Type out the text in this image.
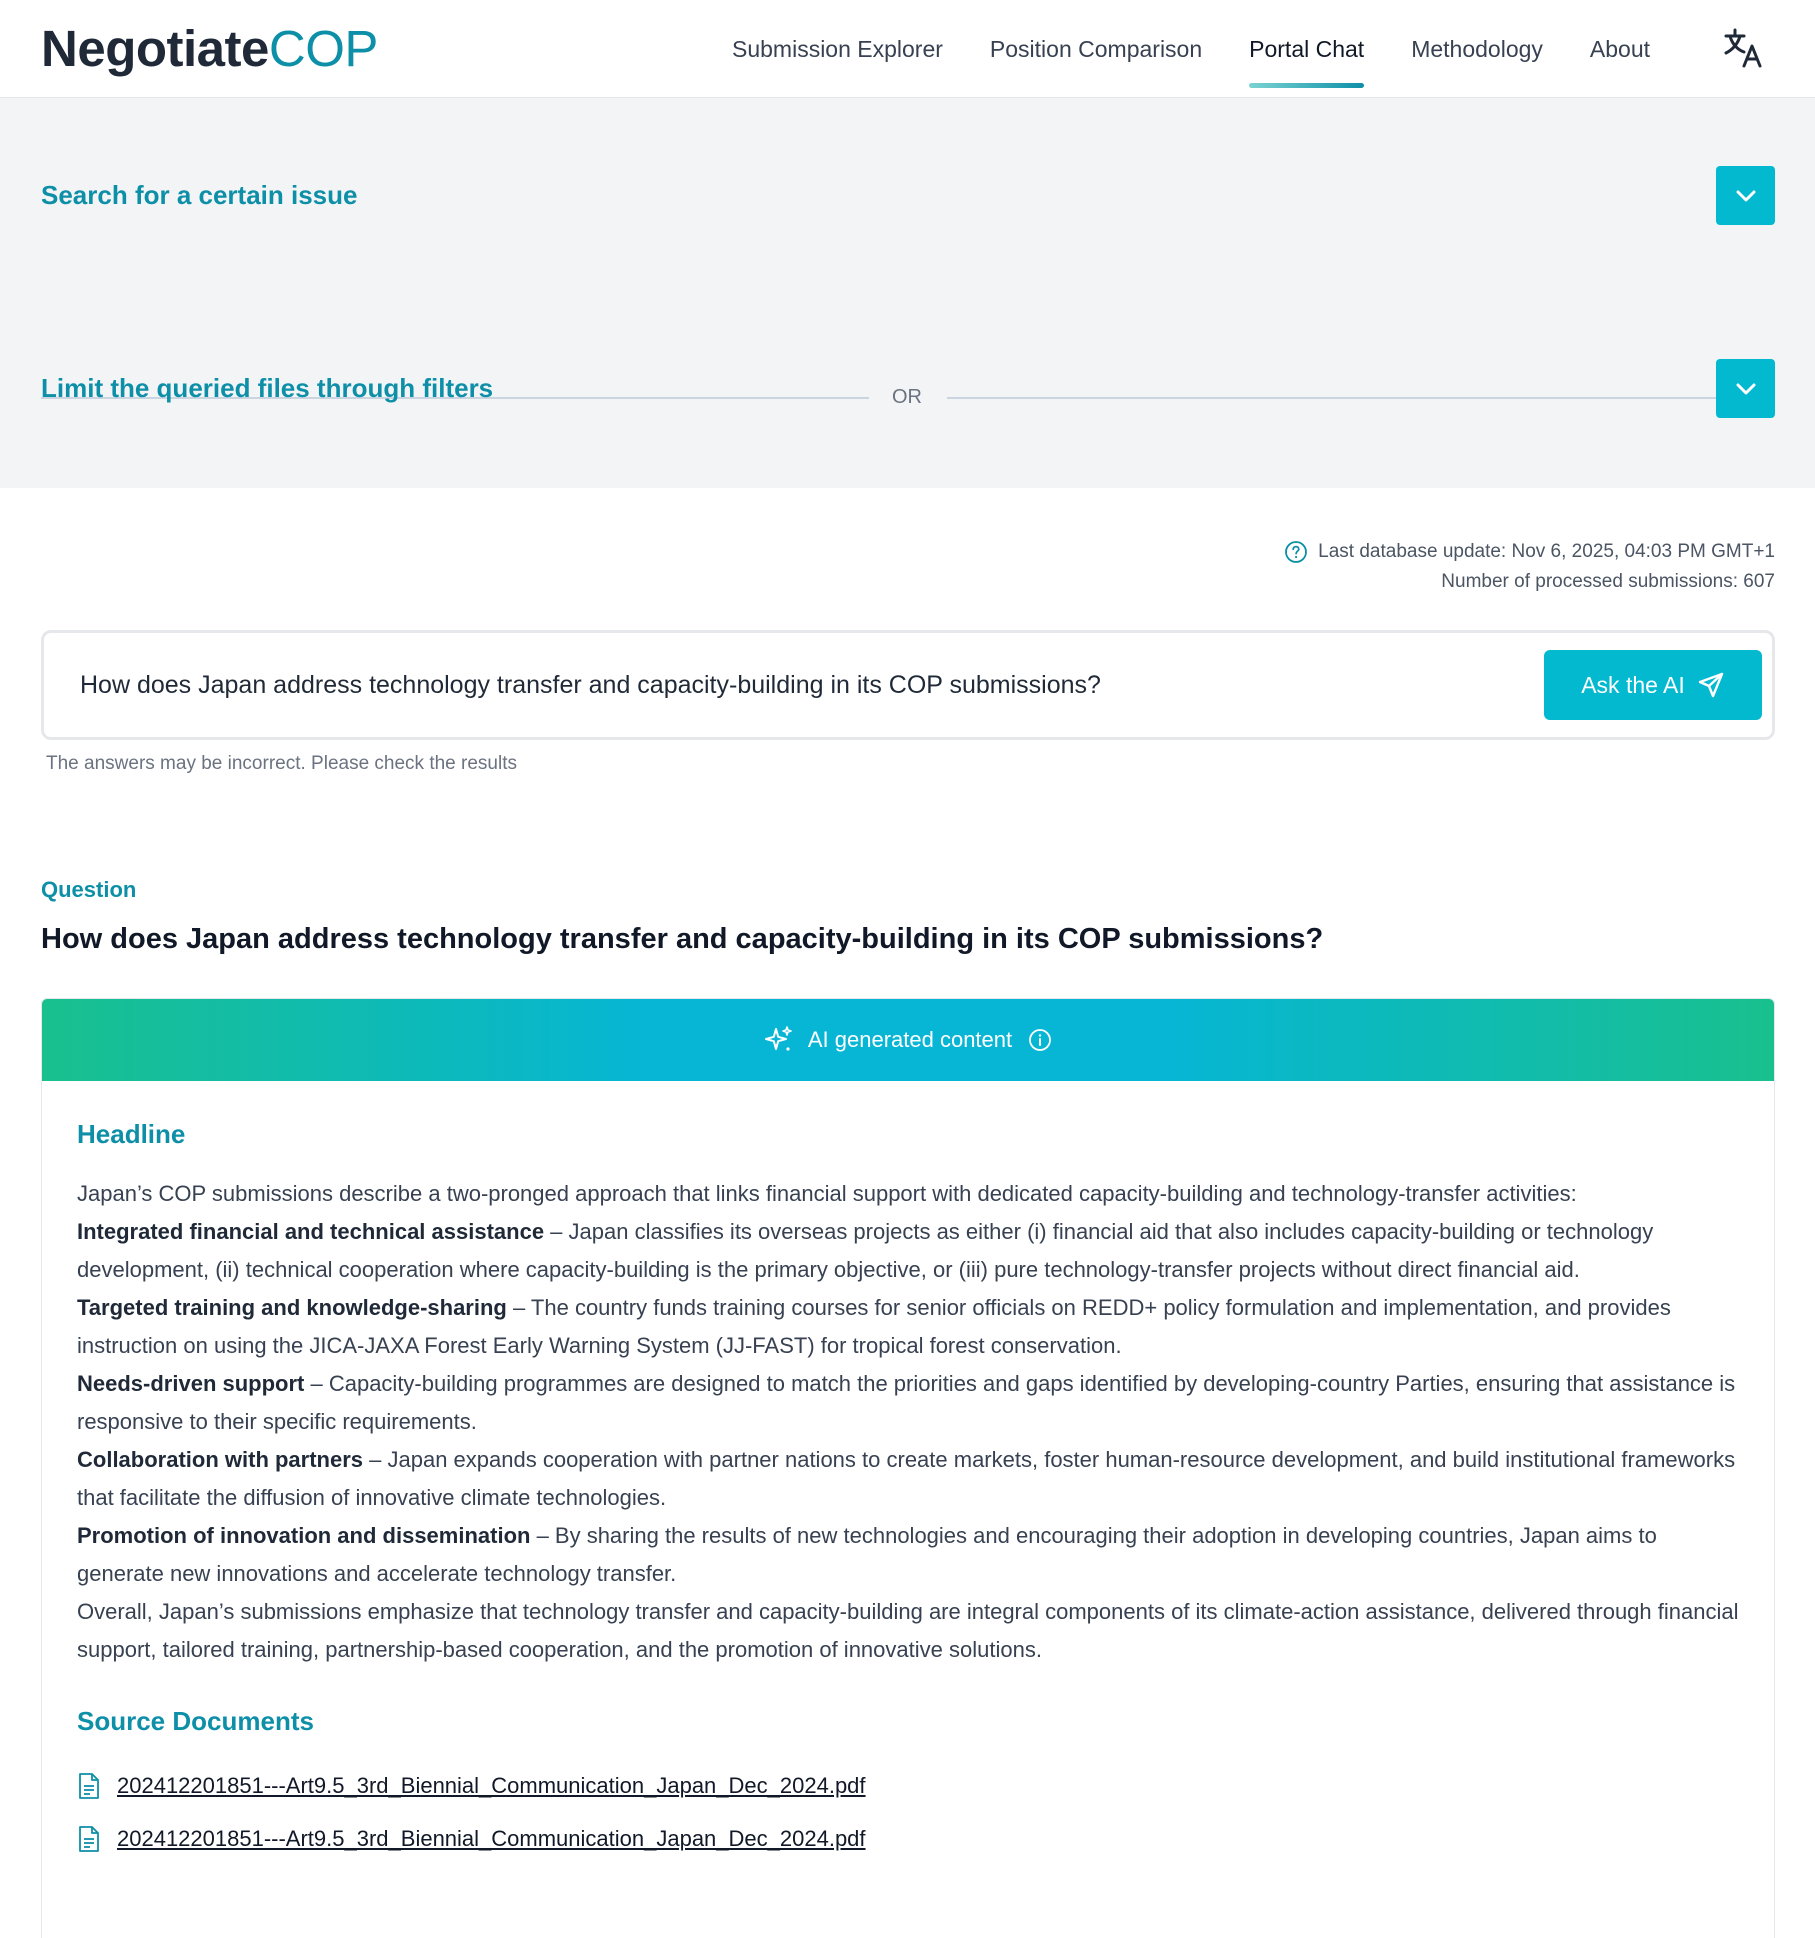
NegotiateCOP	Submission Explorer Position Comparison Portal Chat Methodology About
Search for a certain issue
OR
Limit the queried files through filters
Last database update: Nov 6, 2025, 04:03 PM GMT+1
Number of processed submissions: 607
How does Japan address technology transfer and capacity-building in its COP submissions?
Ask the AI
The answers may be incorrect. Please check the results
Question
How does Japan address technology transfer and capacity-building in its COP submissions?
AI generated content
Headline

Japan’s COP submissions describe a two-pronged approach that links financial support with dedicated capacity-building and technology-transfer activities:

Integrated financial and technical assistance – Japan classifies its overseas projects as either (i) financial aid that also includes capacity-building or technology development, (ii) technical cooperation where capacity-building is the primary objective, or (iii) pure technology-transfer projects without direct financial aid.

Targeted training and knowledge-sharing – The country funds training courses for senior officials on REDD+ policy formulation and implementation, and provides instruction on using the JICA-JAXA Forest Early Warning System (JJ-FAST) for tropical forest conservation.

Needs-driven support – Capacity-building programmes are designed to match the priorities and gaps identified by developing-country Parties, ensuring that assistance is responsive to their specific requirements.

Collaboration with partners – Japan expands cooperation with partner nations to create markets, foster human-resource development, and build institutional frameworks that facilitate the diffusion of innovative climate technologies.

Promotion of innovation and dissemination – By sharing the results of new technologies and encouraging their adoption in developing countries, Japan aims to generate new innovations and accelerate technology transfer.

Overall, Japan’s submissions emphasize that technology transfer and capacity-building are integral components of its climate-action assistance, delivered through financial support, tailored training, partnership-based cooperation, and the promotion of innovative solutions.

Source Documents
202412201851---Art9.5_3rd_Biennial_Communication_Japan_Dec_2024.pdf
202412201851---Art9.5_3rd_Biennial_Communication_Japan_Dec_2024.pdf
